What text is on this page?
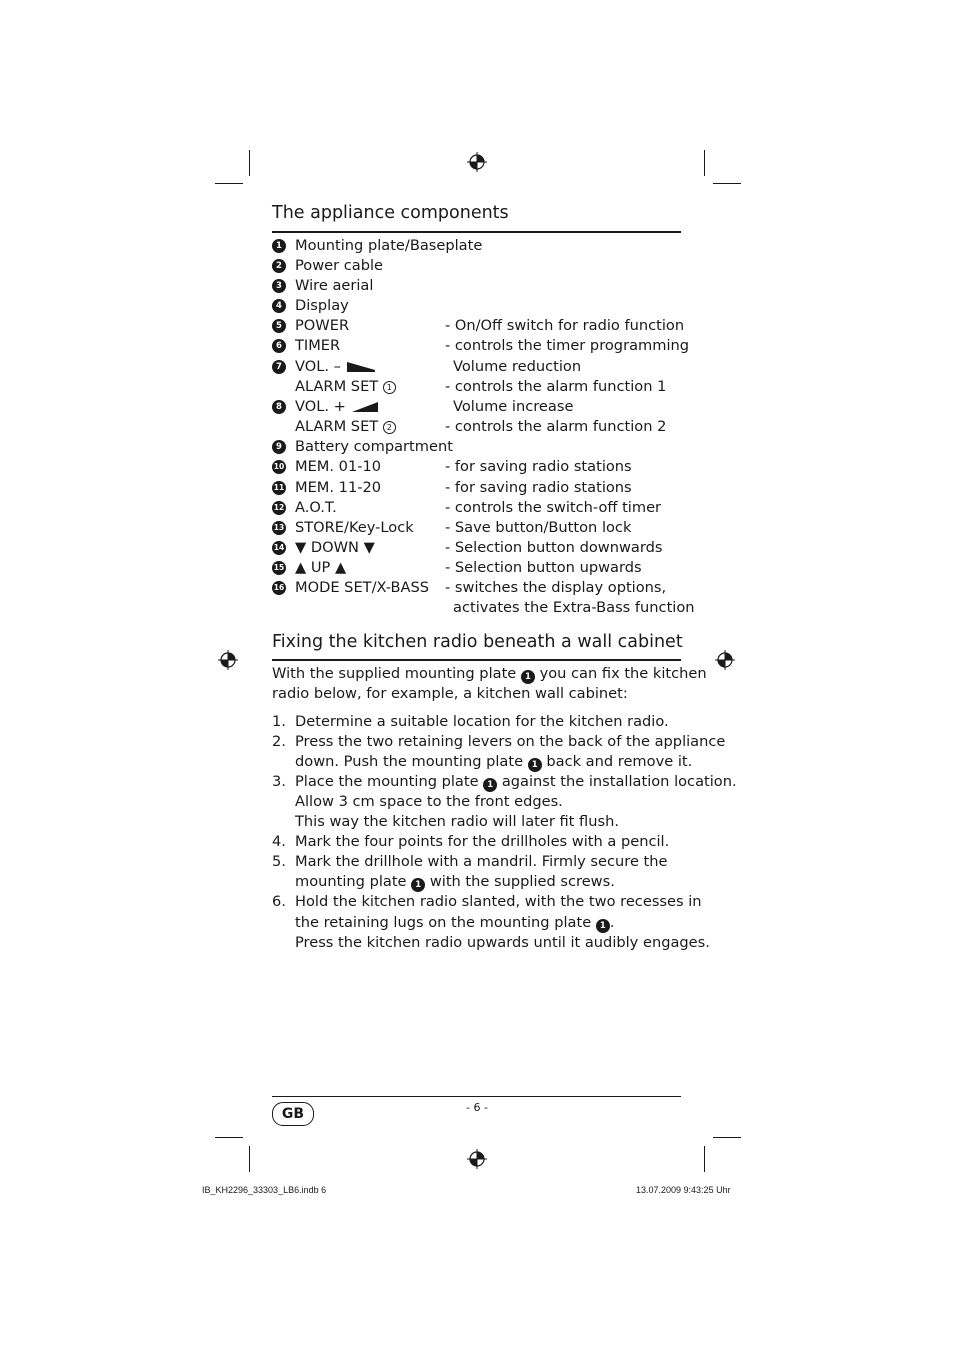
The appliance components
1 Mounting plate/Baseplate
2 Power cable
3 Wire aerial
4 Display
5 POWER	- On/Off switch for radio function
6 TIMER	- controls the timer programming
7 VOL. –	Volume reduction
ALARM SET 1	- controls the alarm function 1
8 VOL. +	Volume increase
ALARM SET 2	- controls the alarm function 2
9 Battery compartment
10 MEM. 01-10	- for saving radio stations
11 MEM. 11-20	- for saving radio stations
12 A.O.T.	- controls the switch-off timer
13 STORE/Key-Lock - Save button/Button lock
14 ▼ DOWN ▼	- Selection button downwards
15 ▲ UP ▲	- Selection button upwards
16 MODE SET/X-BASS - switches the display options,
activates the Extra-Bass function
Fixing the kitchen radio beneath a wall cabinet
With the supplied mounting plate 1 you can fix the kitchen
radio below, for example, a kitchen wall cabinet:
1. Determine a suitable location for the kitchen radio.
2. Press the two retaining levers on the back of the appliance
down. Push the mounting plate 1 back and remove it.
3. Place the mounting plate 1 against the installation location.
Allow 3 cm space to the front edges.
This way the kitchen radio will later fit flush.
4. Mark the four points for the drillholes with a pencil.
5. Mark the drillhole with a mandril. Firmly secure the
mounting plate 1 with the supplied screws.
6. Hold the kitchen radio slanted, with the two recesses in
the retaining lugs on the mounting plate 1 .
Press the kitchen radio upwards until it audibly engages.
GB	- 6 -
IB_KH2296_33303_LB6.indb 6	13.07.2009 9:43:25 Uhr
